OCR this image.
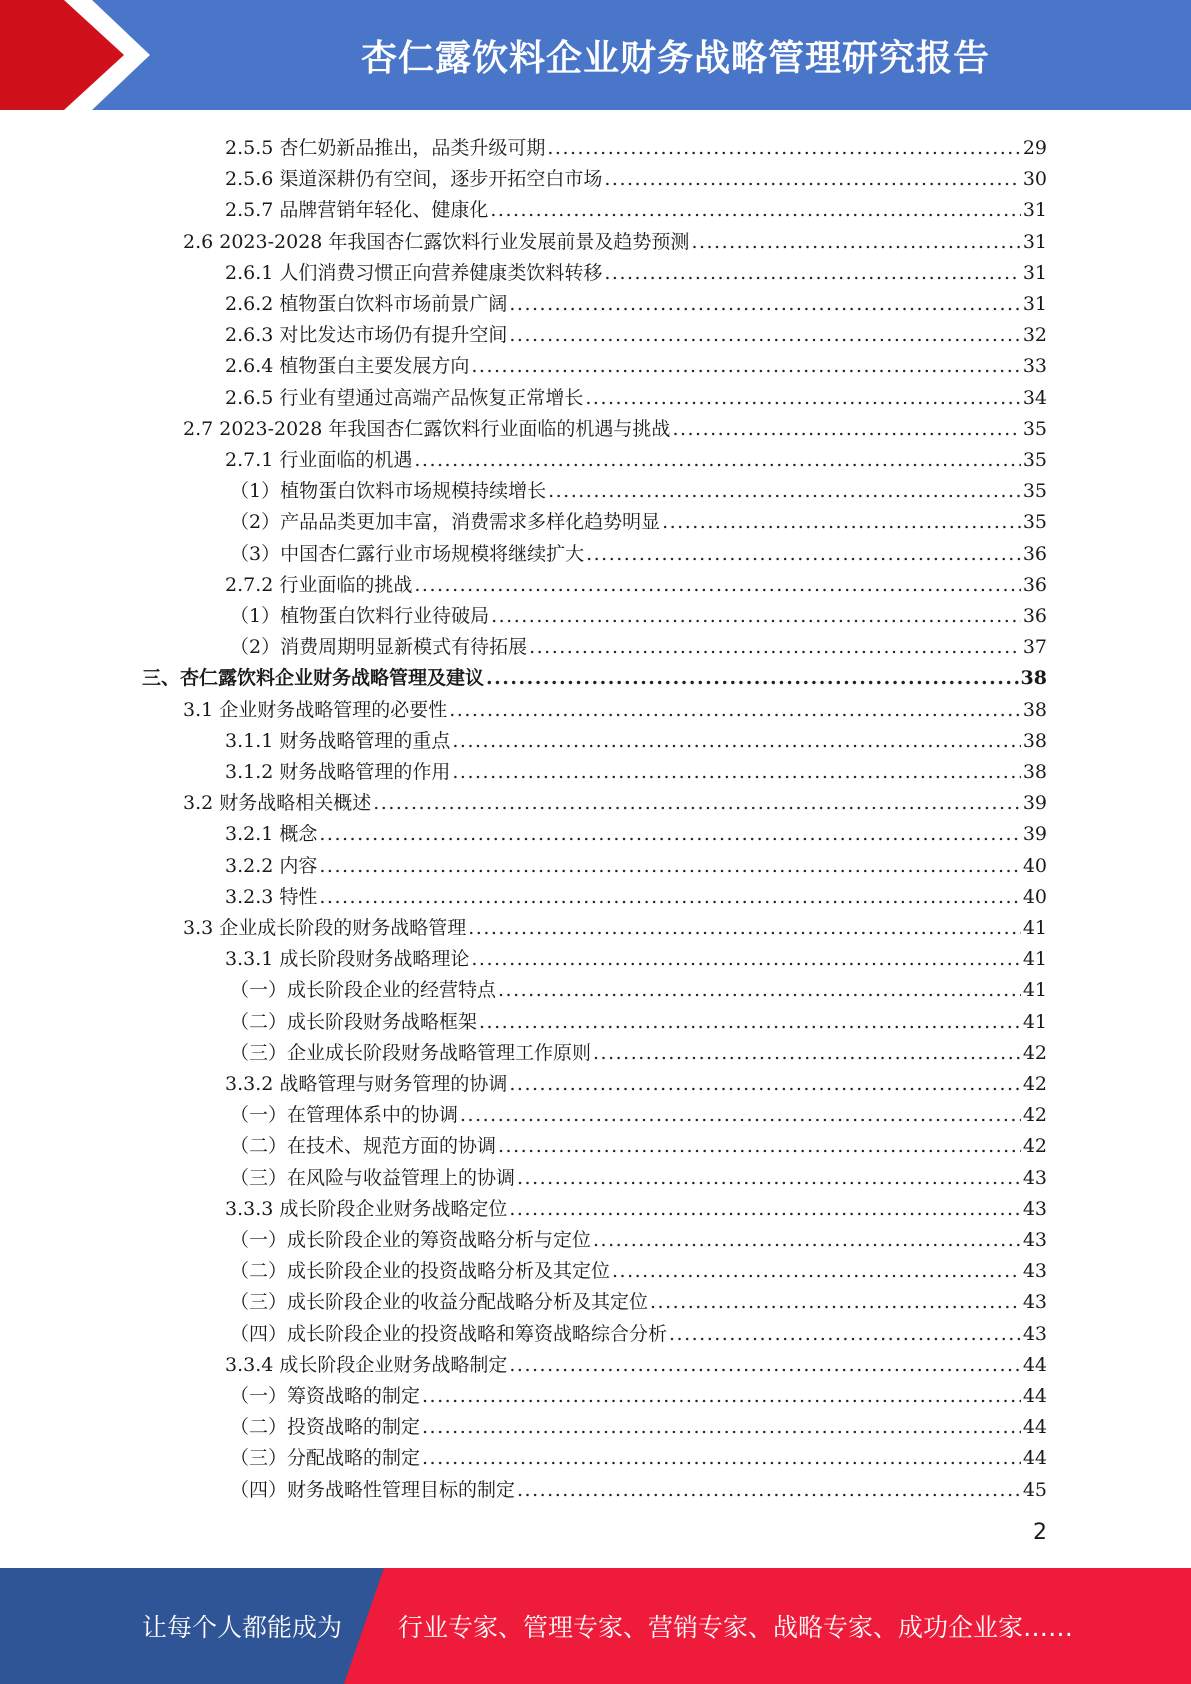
杏仁露饮料企业财务战略管理研究报告
2.5.5 杏仁奶新品推出，品类升级可期 .....	29
2.5.6 渠道深耕仍有空间，逐步开拓空白市场 .....	30
2.5.7 品牌营销年轻化、健康化 .....	31
2.6 2023-2028 年我国杏仁露饮料行业发展前景及趋势预测 .....	31
2.6.1 人们消费习惯正向营养健康类饮料转移 .....	31
2.6.2 植物蛋白饮料市场前景广阔 .....	31
2.6.3 对比发达市场仍有提升空间 .....	32
2.6.4 植物蛋白主要发展方向 .....	33
2.6.5 行业有望通过高端产品恢复正常增长 .....	34
2.7 2023-2028 年我国杏仁露饮料行业面临的机遇与挑战 .....	35
2.7.1 行业面临的机遇 .....	35
（1）植物蛋白饮料市场规模持续增长 .....	35
（2）产品品类更加丰富，消费需求多样化趋势明显 .....	35
（3）中国杏仁露行业市场规模将继续扩大 .....	36
2.7.2 行业面临的挑战 .....	36
（1）植物蛋白饮料行业待破局 .....	36
（2）消费周期明显新模式有待拓展 .....	37
三、杏仁露饮料企业财务战略管理及建议 .....	38
3.1 企业财务战略管理的必要性 .....	38
3.1.1 财务战略管理的重点 .....	38
3.1.2 财务战略管理的作用 .....	38
3.2 财务战略相关概述 .....	39
3.2.1 概念 .....	39
3.2.2 内容 .....	40
3.2.3 特性 .....	40
3.3 企业成长阶段的财务战略管理 .....	41
3.3.1 成长阶段财务战略理论 .....	41
（一）成长阶段企业的经营特点 .....	41
（二）成长阶段财务战略框架 .....	41
（三）企业成长阶段财务战略管理工作原则 .....	42
3.3.2 战略管理与财务管理的协调 .....	42
（一）在管理体系中的协调 .....	42
（二）在技术、规范方面的协调 .....	42
（三）在风险与收益管理上的协调 .....	43
3.3.3 成长阶段企业财务战略定位 .....	43
（一）成长阶段企业的筹资战略分析与定位 .....	43
（二）成长阶段企业的投资战略分析及其定位 .....	43
（三）成长阶段企业的收益分配战略分析及其定位 .....	43
（四）成长阶段企业的投资战略和筹资战略综合分析 .....	43
3.3.4 成长阶段企业财务战略制定 .....	44
（一）筹资战略的制定 .....	44
（二）投资战略的制定 .....	44
（三）分配战略的制定 .....	44
（四）财务战略性管理目标的制定 .....	45
2
让每个人都能成为 行业专家、管理专家、营销专家、战略专家、成功企业家……
